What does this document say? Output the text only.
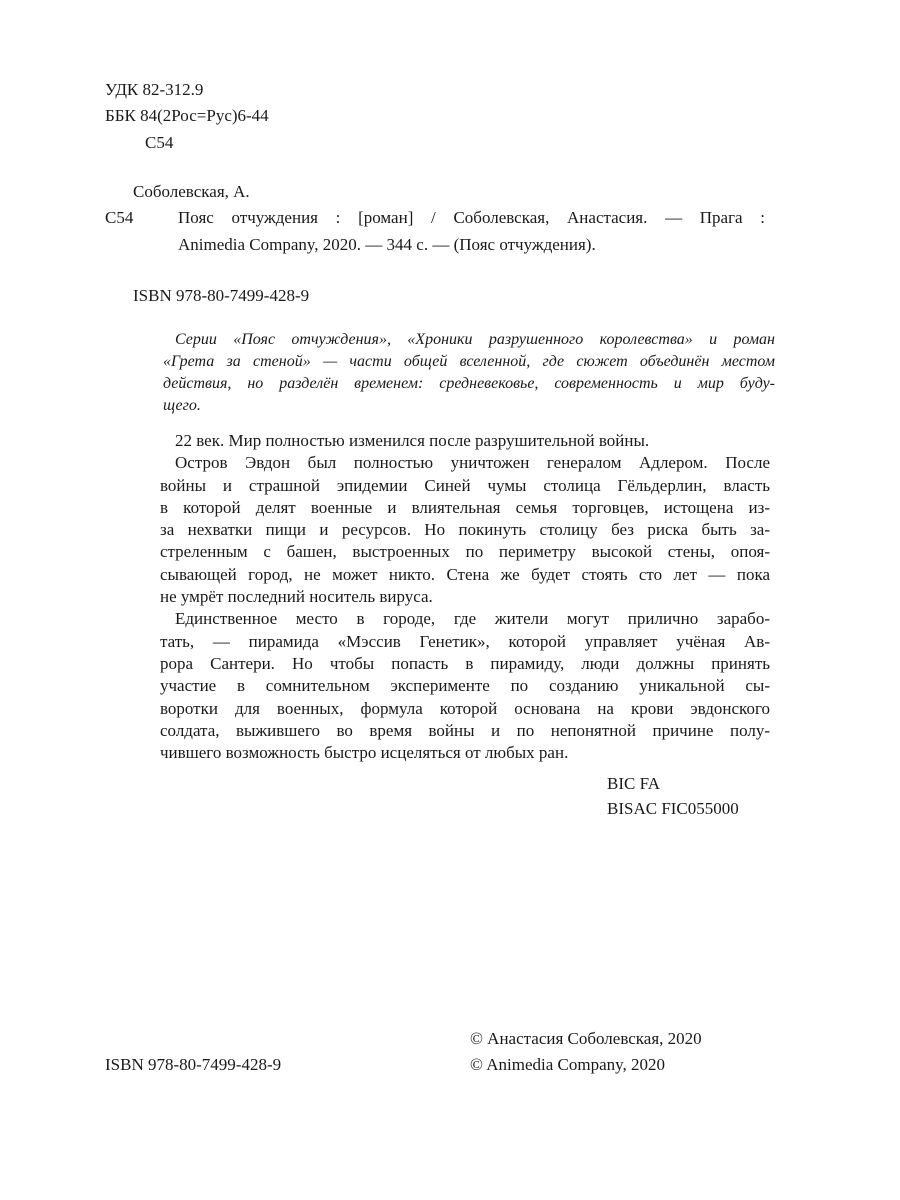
УДК 82-312.9
ББК 84(2Рос=Рус)6-44
С54
Соболевская, А.
С54	Пояс отчуждения : [роман] / Соболевская, Анастасия. — Прага :
Animedia Company, 2020. — 344 с. — (Пояс отчуждения).
ISBN 978-80-7499-428-9
Серии «Пояс отчуждения», «Хроники разрушенного королевства» и роман
«Грета за стеной» — части общей вселенной, где сюжет объединён местом
действия, но разделён временем: средневековье, современность и мир буду-
щего.
22 век. Мир полностью изменился после разрушительной войны.
Остров Эвдон был полностью уничтожен генералом Адлером. После
войны и страшной эпидемии Синей чумы столица Гёльдерлин, власть
в которой делят военные и влиятельная семья торговцев, истощена из-
за нехватки пищи и ресурсов. Но покинуть столицу без риска быть за-
стреленным с башен, выстроенных по периметру высокой стены, опоя-
сывающей город, не может никто. Стена же будет стоять сто лет — пока
не умрёт последний носитель вируса.
Единственное место в городе, где жители могут прилично зарабо-
тать, — пирамида «Мэссив Генетик», которой управляет учёная Ав-
рора Сантери. Но чтобы попасть в пирамиду, люди должны принять
участие в сомнительном эксперименте по созданию уникальной сы-
воротки для военных, формула которой основана на крови эвдонского
солдата, выжившего во время войны и по непонятной причине полу-
чившего возможность быстро исцеляться от любых ран.
BIC FA
BISAC FIC055000
© Анастасия Соболевская, 2020
ISBN 978-80-7499-428-9	© Animedia Company, 2020
